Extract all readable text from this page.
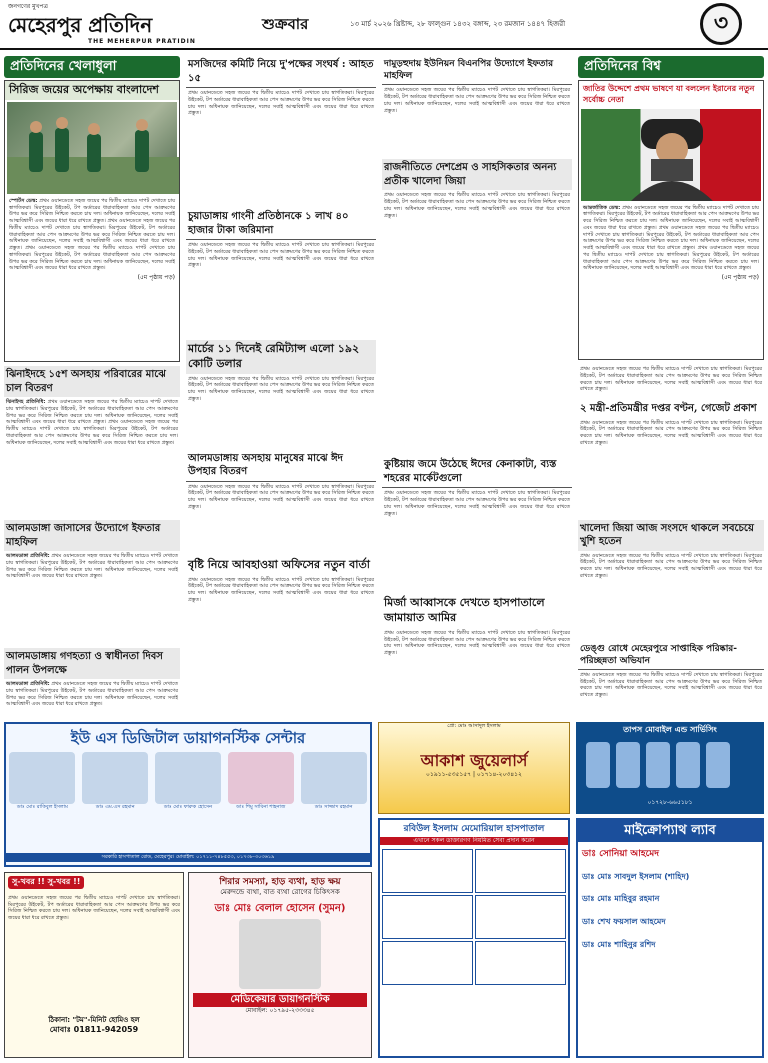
জনগণের মুখপত্র
মেহেরপুর প্রতিদিন
THE MEHERPUR PRATIDIN
শুক্রবার	১৩ মার্চ ২০২৬ খ্রিষ্টাব্দ, ২৮ ফাল্গুন ১৪৩২ বঙ্গাব্দ, ২৩ রমজান ১৪৪৭ হিজরী	৩
প্রতিদিনের খেলাধুলা
সিরিজ জয়ের অপেক্ষায় বাংলাদেশ
স্পোর্টস ডেস্ক: প্রথম ওয়ানডেতে সহজ জয়ের পর দ্বিতীয় ম্যাচেও দাপট দেখাতে চায় স্বাগতিকরা। মিরপুরের উইকেট, টপ অর্ডারের ধারাবাহিকতা আর পেস আক্রমণের উপর ভর করে সিরিজ নিশ্চিত করতে চায় দল। অধিনায়ক জানিয়েছেন, দলের সবাই আত্মবিশ্বাসী এবং জয়ের ধারা ধরে রাখতে প্রস্তুত। প্রথম ওয়ানডেতে সহজ জয়ের পর দ্বিতীয় ম্যাচেও দাপট দেখাতে চায় স্বাগতিকরা। মিরপুরের উইকেট, টপ অর্ডারের ধারাবাহিকতা আর পেস আক্রমণের উপর ভর করে সিরিজ নিশ্চিত করতে চায় দল। অধিনায়ক জানিয়েছেন, দলের সবাই আত্মবিশ্বাসী এবং জয়ের ধারা ধরে রাখতে প্রস্তুত। প্রথম ওয়ানডেতে সহজ জয়ের পর দ্বিতীয় ম্যাচেও দাপট দেখাতে চায় স্বাগতিকরা। মিরপুরের উইকেট, টপ অর্ডারের ধারাবাহিকতা আর পেস আক্রমণের উপর ভর করে সিরিজ নিশ্চিত করতে চায় দল। অধিনায়ক জানিয়েছেন, দলের সবাই আত্মবিশ্বাসী এবং জয়ের ধারা ধরে রাখতে প্রস্তুত।
(৫ম পৃষ্ঠায় পড়)
ঝিনাইদহে ১৫শ অসহায় পরিবারের মাঝে চাল বিতরণ
ঝিনাইদহ প্রতিনিধি: প্রথম ওয়ানডেতে সহজ জয়ের পর দ্বিতীয় ম্যাচেও দাপট দেখাতে চায় স্বাগতিকরা। মিরপুরের উইকেট, টপ অর্ডারের ধারাবাহিকতা আর পেস আক্রমণের উপর ভর করে সিরিজ নিশ্চিত করতে চায় দল। অধিনায়ক জানিয়েছেন, দলের সবাই আত্মবিশ্বাসী এবং জয়ের ধারা ধরে রাখতে প্রস্তুত। প্রথম ওয়ানডেতে সহজ জয়ের পর দ্বিতীয় ম্যাচেও দাপট দেখাতে চায় স্বাগতিকরা। মিরপুরের উইকেট, টপ অর্ডারের ধারাবাহিকতা আর পেস আক্রমণের উপর ভর করে সিরিজ নিশ্চিত করতে চায় দল। অধিনায়ক জানিয়েছেন, দলের সবাই আত্মবিশ্বাসী এবং জয়ের ধারা ধরে রাখতে প্রস্তুত।
আলমডাঙ্গা জাসাসের উদ্যোগে ইফতার মাহফিল
আলমডাঙ্গা প্রতিনিধি: প্রথম ওয়ানডেতে সহজ জয়ের পর দ্বিতীয় ম্যাচেও দাপট দেখাতে চায় স্বাগতিকরা। মিরপুরের উইকেট, টপ অর্ডারের ধারাবাহিকতা আর পেস আক্রমণের উপর ভর করে সিরিজ নিশ্চিত করতে চায় দল। অধিনায়ক জানিয়েছেন, দলের সবাই আত্মবিশ্বাসী এবং জয়ের ধারা ধরে রাখতে প্রস্তুত।
আলমডাঙ্গায় গণহত্যা ও স্বাধীনতা দিবস পালন উপলক্ষে
আলমডাঙ্গা প্রতিনিধি: প্রথম ওয়ানডেতে সহজ জয়ের পর দ্বিতীয় ম্যাচেও দাপট দেখাতে চায় স্বাগতিকরা। মিরপুরের উইকেট, টপ অর্ডারের ধারাবাহিকতা আর পেস আক্রমণের উপর ভর করে সিরিজ নিশ্চিত করতে চায় দল। অধিনায়ক জানিয়েছেন, দলের সবাই আত্মবিশ্বাসী এবং জয়ের ধারা ধরে রাখতে প্রস্তুত।
মসজিদের কমিটি নিয়ে দু'পক্ষের সংঘর্ষ : আহত ১৫
প্রথম ওয়ানডেতে সহজ জয়ের পর দ্বিতীয় ম্যাচেও দাপট দেখাতে চায় স্বাগতিকরা। মিরপুরের উইকেট, টপ অর্ডারের ধারাবাহিকতা আর পেস আক্রমণের উপর ভর করে সিরিজ নিশ্চিত করতে চায় দল। অধিনায়ক জানিয়েছেন, দলের সবাই আত্মবিশ্বাসী এবং জয়ের ধারা ধরে রাখতে প্রস্তুত।
চুয়াডাঙ্গায় গাংনী প্রতিষ্ঠানকে ১ লাখ ৪০ হাজার টাকা জরিমানা
প্রথম ওয়ানডেতে সহজ জয়ের পর দ্বিতীয় ম্যাচেও দাপট দেখাতে চায় স্বাগতিকরা। মিরপুরের উইকেট, টপ অর্ডারের ধারাবাহিকতা আর পেস আক্রমণের উপর ভর করে সিরিজ নিশ্চিত করতে চায় দল। অধিনায়ক জানিয়েছেন, দলের সবাই আত্মবিশ্বাসী এবং জয়ের ধারা ধরে রাখতে প্রস্তুত।
মার্চের ১১ দিনেই রেমিট্যান্স এলো ১৯২ কোটি ডলার
প্রথম ওয়ানডেতে সহজ জয়ের পর দ্বিতীয় ম্যাচেও দাপট দেখাতে চায় স্বাগতিকরা। মিরপুরের উইকেট, টপ অর্ডারের ধারাবাহিকতা আর পেস আক্রমণের উপর ভর করে সিরিজ নিশ্চিত করতে চায় দল। অধিনায়ক জানিয়েছেন, দলের সবাই আত্মবিশ্বাসী এবং জয়ের ধারা ধরে রাখতে প্রস্তুত।
আলমডাঙ্গায় অসহায় মানুষের মাঝে ঈদ উপহার বিতরণ
প্রথম ওয়ানডেতে সহজ জয়ের পর দ্বিতীয় ম্যাচেও দাপট দেখাতে চায় স্বাগতিকরা। মিরপুরের উইকেট, টপ অর্ডারের ধারাবাহিকতা আর পেস আক্রমণের উপর ভর করে সিরিজ নিশ্চিত করতে চায় দল। অধিনায়ক জানিয়েছেন, দলের সবাই আত্মবিশ্বাসী এবং জয়ের ধারা ধরে রাখতে প্রস্তুত।
বৃষ্টি নিয়ে আবহাওয়া অফিসের নতুন বার্তা
প্রথম ওয়ানডেতে সহজ জয়ের পর দ্বিতীয় ম্যাচেও দাপট দেখাতে চায় স্বাগতিকরা। মিরপুরের উইকেট, টপ অর্ডারের ধারাবাহিকতা আর পেস আক্রমণের উপর ভর করে সিরিজ নিশ্চিত করতে চায় দল। অধিনায়ক জানিয়েছেন, দলের সবাই আত্মবিশ্বাসী এবং জয়ের ধারা ধরে রাখতে প্রস্তুত।
দামুড়হুদায় ইউনিয়ন বিএনপির উদ্যোগে ইফতার মাহফিল
প্রথম ওয়ানডেতে সহজ জয়ের পর দ্বিতীয় ম্যাচেও দাপট দেখাতে চায় স্বাগতিকরা। মিরপুরের উইকেট, টপ অর্ডারের ধারাবাহিকতা আর পেস আক্রমণের উপর ভর করে সিরিজ নিশ্চিত করতে চায় দল। অধিনায়ক জানিয়েছেন, দলের সবাই আত্মবিশ্বাসী এবং জয়ের ধারা ধরে রাখতে প্রস্তুত।
রাজনীতিতে দেশপ্রেম ও সাহসিকতার অনন্য প্রতীক খালেদা জিয়া
প্রথম ওয়ানডেতে সহজ জয়ের পর দ্বিতীয় ম্যাচেও দাপট দেখাতে চায় স্বাগতিকরা। মিরপুরের উইকেট, টপ অর্ডারের ধারাবাহিকতা আর পেস আক্রমণের উপর ভর করে সিরিজ নিশ্চিত করতে চায় দল। অধিনায়ক জানিয়েছেন, দলের সবাই আত্মবিশ্বাসী এবং জয়ের ধারা ধরে রাখতে প্রস্তুত।
কুষ্টিয়ায় জমে উঠেছে ঈদের কেনাকাটা, ব্যস্ত শহরের মার্কেটগুলো
প্রথম ওয়ানডেতে সহজ জয়ের পর দ্বিতীয় ম্যাচেও দাপট দেখাতে চায় স্বাগতিকরা। মিরপুরের উইকেট, টপ অর্ডারের ধারাবাহিকতা আর পেস আক্রমণের উপর ভর করে সিরিজ নিশ্চিত করতে চায় দল। অধিনায়ক জানিয়েছেন, দলের সবাই আত্মবিশ্বাসী এবং জয়ের ধারা ধরে রাখতে প্রস্তুত।
মির্জা আব্বাসকে দেখতে হাসপাতালে জামায়াত আমির
প্রথম ওয়ানডেতে সহজ জয়ের পর দ্বিতীয় ম্যাচেও দাপট দেখাতে চায় স্বাগতিকরা। মিরপুরের উইকেট, টপ অর্ডারের ধারাবাহিকতা আর পেস আক্রমণের উপর ভর করে সিরিজ নিশ্চিত করতে চায় দল। অধিনায়ক জানিয়েছেন, দলের সবাই আত্মবিশ্বাসী এবং জয়ের ধারা ধরে রাখতে প্রস্তুত।
প্রতিদিনের বিশ্ব
জাতির উদ্দেশে প্রথম ভাষণে যা বললেন ইরানের নতুন সর্বোচ্চ নেতা
আন্তর্জাতিক ডেস্ক: প্রথম ওয়ানডেতে সহজ জয়ের পর দ্বিতীয় ম্যাচেও দাপট দেখাতে চায় স্বাগতিকরা। মিরপুরের উইকেট, টপ অর্ডারের ধারাবাহিকতা আর পেস আক্রমণের উপর ভর করে সিরিজ নিশ্চিত করতে চায় দল। অধিনায়ক জানিয়েছেন, দলের সবাই আত্মবিশ্বাসী এবং জয়ের ধারা ধরে রাখতে প্রস্তুত। প্রথম ওয়ানডেতে সহজ জয়ের পর দ্বিতীয় ম্যাচেও দাপট দেখাতে চায় স্বাগতিকরা। মিরপুরের উইকেট, টপ অর্ডারের ধারাবাহিকতা আর পেস আক্রমণের উপর ভর করে সিরিজ নিশ্চিত করতে চায় দল। অধিনায়ক জানিয়েছেন, দলের সবাই আত্মবিশ্বাসী এবং জয়ের ধারা ধরে রাখতে প্রস্তুত। প্রথম ওয়ানডেতে সহজ জয়ের পর দ্বিতীয় ম্যাচেও দাপট দেখাতে চায় স্বাগতিকরা। মিরপুরের উইকেট, টপ অর্ডারের ধারাবাহিকতা আর পেস আক্রমণের উপর ভর করে সিরিজ নিশ্চিত করতে চায় দল। অধিনায়ক জানিয়েছেন, দলের সবাই আত্মবিশ্বাসী এবং জয়ের ধারা ধরে রাখতে প্রস্তুত।
(৫ম পৃষ্ঠায় পড়)
প্রথম ওয়ানডেতে সহজ জয়ের পর দ্বিতীয় ম্যাচেও দাপট দেখাতে চায় স্বাগতিকরা। মিরপুরের উইকেট, টপ অর্ডারের ধারাবাহিকতা আর পেস আক্রমণের উপর ভর করে সিরিজ নিশ্চিত করতে চায় দল। অধিনায়ক জানিয়েছেন, দলের সবাই আত্মবিশ্বাসী এবং জয়ের ধারা ধরে রাখতে প্রস্তুত।
২ মন্ত্রী-প্রতিমন্ত্রীর দপ্তর বণ্টন, গেজেট প্রকাশ
প্রথম ওয়ানডেতে সহজ জয়ের পর দ্বিতীয় ম্যাচেও দাপট দেখাতে চায় স্বাগতিকরা। মিরপুরের উইকেট, টপ অর্ডারের ধারাবাহিকতা আর পেস আক্রমণের উপর ভর করে সিরিজ নিশ্চিত করতে চায় দল। অধিনায়ক জানিয়েছেন, দলের সবাই আত্মবিশ্বাসী এবং জয়ের ধারা ধরে রাখতে প্রস্তুত।
খালেদা জিয়া আজ সংসদে থাকলে সবচেয়ে খুশি হতেন
প্রথম ওয়ানডেতে সহজ জয়ের পর দ্বিতীয় ম্যাচেও দাপট দেখাতে চায় স্বাগতিকরা। মিরপুরের উইকেট, টপ অর্ডারের ধারাবাহিকতা আর পেস আক্রমণের উপর ভর করে সিরিজ নিশ্চিত করতে চায় দল। অধিনায়ক জানিয়েছেন, দলের সবাই আত্মবিশ্বাসী এবং জয়ের ধারা ধরে রাখতে প্রস্তুত।
ডেঙ্গু রোধে মেহেরপুরে সাপ্তাহিক পরিষ্কার-পরিচ্ছন্নতা অভিযান
প্রথম ওয়ানডেতে সহজ জয়ের পর দ্বিতীয় ম্যাচেও দাপট দেখাতে চায় স্বাগতিকরা। মিরপুরের উইকেট, টপ অর্ডারের ধারাবাহিকতা আর পেস আক্রমণের উপর ভর করে সিরিজ নিশ্চিত করতে চায় দল। অধিনায়ক জানিয়েছেন, দলের সবাই আত্মবিশ্বাসী এবং জয়ের ধারা ধরে রাখতে প্রস্তুত।
ইউ এস ডিজিটাল ডায়াগনস্টিক সেন্টার
ডাঃ মোঃ রাকিবুল ইসলাম	ডাঃ এম.এস রহমান	ডাঃ মোঃ ফারুক হোসেন	ডাঃ শিমু সাবিনা শাহনাজ	ডাঃ সাজ্জাদ রহমান
সরকারি হাসপাতাল রোড, মেহেরপুর। মোবাইল: ০১৭১১-৭৪৮৫৫৩, ০১৭৩৮-৩০৩৬১৯
প্রো: মোঃ আসাদুল ইসলাম
আকাশ জুয়েলার্স
০১৯১১-৫৩৫১৫৭ | ০১৭১৪-২০৩৪১২
তাপস মোবাইল এন্ড সার্ভিসিং
০১৭২৮-৬৬৫১৮১
রবিউল ইসলাম মেমোরিয়াল হাসপাতাল
এখানে সকল ডাক্তারগণ নিয়মিত সেবা প্রদান করেন
মাইক্রোপ্যাথ ল্যাব
ডাঃ সোনিয়া আহমেদ
ডাঃ মোঃ সাবদুল ইসলাম (শাহিদ)
ডাঃ মোঃ মাহিবুর রহমান
ডাঃ শেখ ফয়সাল আহমেদ
ডাঃ মোঃ শাহিনুর রশিদ
সু-খবর !! সু-খবর !!
প্রথম ওয়ানডেতে সহজ জয়ের পর দ্বিতীয় ম্যাচেও দাপট দেখাতে চায় স্বাগতিকরা। মিরপুরের উইকেট, টপ অর্ডারের ধারাবাহিকতা আর পেস আক্রমণের উপর ভর করে সিরিজ নিশ্চিত করতে চায় দল। অধিনায়ক জানিয়েছেন, দলের সবাই আত্মবিশ্বাসী এবং জয়ের ধারা ধরে রাখতে প্রস্তুত।
ঠিকানা: "টম"-মিনিট হোমিও হল
মোবাঃ 01811-942059
শিরার সমস্যা, হাড় ব্যথা, হাড় ক্ষয়
মেরুদন্ডে ব্যথা, বাত ব্যথা রোগের চিকিৎসক
ডাঃ মোঃ বেলাল হোসেন (সুমন)
মেডিকেয়ার ডায়াগনস্টিক
মোবাইল: ০১৭৯৫-২৩৩৩৪৫
